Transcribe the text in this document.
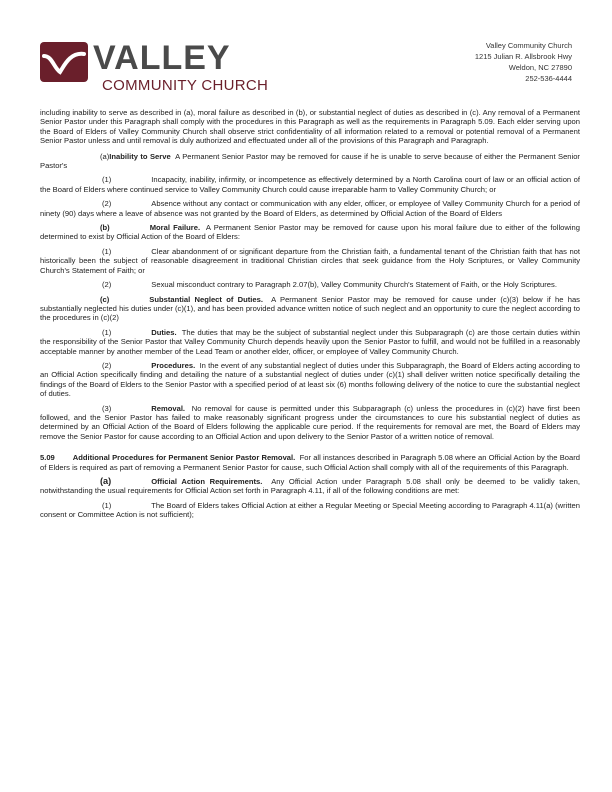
VALLEY
COMMUNITY CHURCH
Valley Community Church
1215 Julian R. Allsbrook Hwy
Weldon, NC 27890
252-536-4444

including inability to serve as described in (a), moral failure as described in (b), or substantial neglect of duties as described in (c). Any removal of a Permanent Senior Pastor under this Paragraph shall comply with the procedures in this Paragraph as well as the requirements in Paragraph 5.09. Each elder serving upon the Board of Elders of Valley Community Church shall observe strict confidentiality of all information related to a removal or potential removal of a Permanent Senior Pastor unless and until removal is duly authorized and effectuated under all of the provisions of this Paragraph and Paragraph.

(a)Inability to Serve A Permanent Senior Pastor may be removed for cause if he is unable to serve because of either the Permanent Senior Pastor's

(1)	Incapacity, inability, infirmity, or incompetence as effectively determined by a North Carolina court of law or an official action of the Board of Elders where continued service to Valley Community Church could cause irreparable harm to Valley Community Church; or

(2)	Absence without any contact or communication with any elder, officer, or employee of Valley Community Church for a period of ninety (90) days where a leave of absence was not granted by the Board of Elders, as determined by Official Action of the Board of Elders

(b)	Moral Failure. A Permanent Senior Pastor may be removed for cause upon his moral failure due to either of the following determined to exist by Official Action of the Board of Elders:

(1)	Clear abandonment of or significant departure from the Christian faith, a fundamental tenant of the Christian faith that has not historically been the subject of reasonable disagreement in traditional Christian circles that seek guidance from the Holy Scriptures, or Valley Community Church's Statement of Faith; or

(2)	Sexual misconduct contrary to Paragraph 2.07(b), Valley Community Church's Statement of Faith, or the Holy Scriptures.

(c)	Substantial Neglect of Duties. A Permanent Senior Pastor may be removed for cause under (c)(3) below if he has substantially neglected his duties under (c)(1), and has been provided advance written notice of such neglect and an opportunity to cure the neglect according to the procedures in (c)(2)

(1)	Duties. The duties that may be the subject of substantial neglect under this Subparagraph (c) are those certain duties within the responsibility of the Senior Pastor that Valley Community Church depends heavily upon the Senior Pastor to fulfill, and would not be fulfilled in a reasonably acceptable manner by another member of the Lead Team or another elder, officer, or employee of Valley Community Church.

(2)	Procedures. In the event of any substantial neglect of duties under this Subparagraph, the Board of Elders acting according to an Official Action specifically finding and detailing the nature of a substantial neglect of duties under (c)(1) shall deliver written notice specifically detailing the findings of the Board of Elders to the Senior Pastor with a specified period of at least six (6) months following delivery of the notice to cure the substantial neglect of duties.

(3)	Removal. No removal for cause is permitted under this Subparagraph (c) unless the procedures in (c)(2) have first been followed, and the Senior Pastor has failed to make reasonably significant progress under the circumstances to cure his substantial neglect of duties as determined by an Official Action of the Board of Elders following the applicable cure period. If the requirements for removal are met, the Board of Elders may remove the Senior Pastor for cause according to an Official Action and upon delivery to the Senior Pastor of a written notice of removal.

5.09 Additional Procedures for Permanent Senior Pastor Removal. For all instances described in Paragraph 5.08 where an Official Action by the Board of Elders is required as part of removing a Permanent Senior Pastor for cause, such Official Action shall comply with all of the requirements of this Paragraph.

(a)	Official Action Requirements. Any Official Action under Paragraph 5.08 shall only be deemed to be validly taken, notwithstanding the usual requirements for Official Action set forth in Paragraph 4.11, if all of the following conditions are met:

(1)	The Board of Elders takes Official Action at either a Regular Meeting or Special Meeting according to Paragraph 4.11(a) (written consent or Committee Action is not sufficient);
